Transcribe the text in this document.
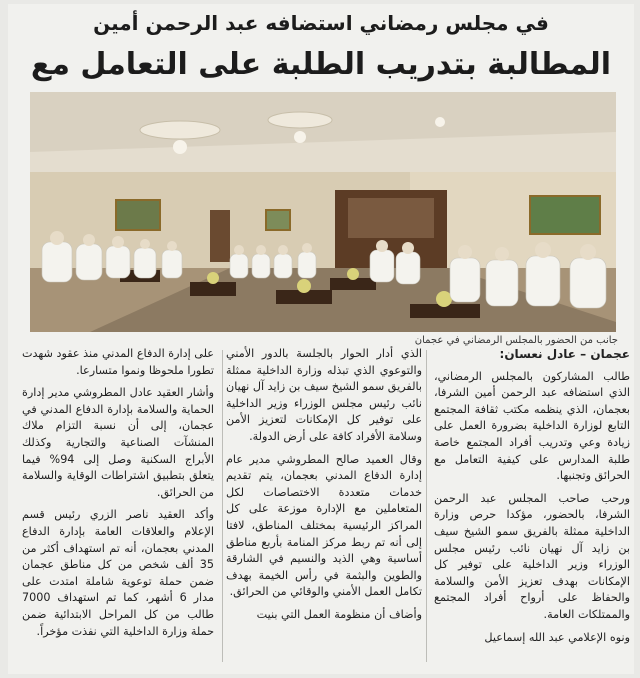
في مجلس رمضاني استضافه عبد الرحمن أمين
المطالبة بتدريب الطلبة على التعامل مع
جانب من الحضور بالمجلس الرمضاني في عجمان
عجمان – عادل نعسان:

طالب المشاركون بالمجلس الرمضاني، الذي استضافه عبد الرحمن أمين الشرفا، بعجمان، الذي ينظمه مكتب ثقافة المجتمع التابع لوزارة الداخلية بضرورة العمل على زيادة وعي وتدريب أفراد المجتمع خاصة طلبة المدارس على كيفية التعامل مع الحرائق وتجنبها.

ورحب صاحب المجلس عبد الرحمن الشرفا، بالحضور، مؤكدا حرص وزارة الداخلية ممثلة بالفريق سمو الشيخ سيف بن زايد آل نهيان نائب رئيس مجلس الوزراء وزير الداخلية على توفير كل الإمكانات بهدف تعزيز الأمن والسلامة والحفاظ على أرواح أفراد المجتمع والممتلكات العامة.

ونوه الإعلامي عبد الله إسماعيل

الذي أدار الحوار بالجلسة بالدور الأمني والتوعوي الذي تبذله وزارة الداخلية ممثلة بالفريق سمو الشيخ سيف بن زايد آل نهيان نائب رئيس مجلس الوزراء وزير الداخلية على توفير كل الإمكانات لتعزيز الأمن وسلامة الأفراد كافة على أرض الدولة.

وقال العميد صالح المطروشي مدير عام إدارة الدفاع المدني بعجمان، يتم تقديم خدمات متعددة الاختصاصات لكل المتعاملين مع الإدارة موزعة على كل المراكز الرئيسية بمختلف المناطق، لافتا إلى أنه تم ربط مركز المنامة بأربع مناطق أساسية وهي الذيد والنسيم في الشارقة والطوين والبثمة في رأس الخيمة بهدف تكامل العمل الأمني والوقائي من الحرائق.

وأضاف أن منظومة العمل التي بنيت

على إدارة الدفاع المدني منذ عقود شهدت تطورا ملحوظا ونموا متسارعا.

وأشار العقيد عادل المطروشي مدير إدارة الحماية والسلامة بإدارة الدفاع المدني في عجمان، إلى أن نسبة التزام ملاك المنشآت الصناعية والتجارية وكذلك الأبراج السكنية وصل إلى 94% فيما يتعلق بتطبيق اشتراطات الوقاية والسلامة من الحرائق.

وأكد العقيد ناصر الزري رئيس قسم الإعلام والعلاقات العامة بإدارة الدفاع المدني بعجمان، أنه تم استهداف أكثر من 35 ألف شخص من كل مناطق عجمان ضمن حملة توعوية شاملة امتدت على مدار 6 أشهر، كما تم استهداف 7000 طالب من كل المراحل الابتدائية ضمن حملة وزارة الداخلية التي نفذت مؤخراً.
